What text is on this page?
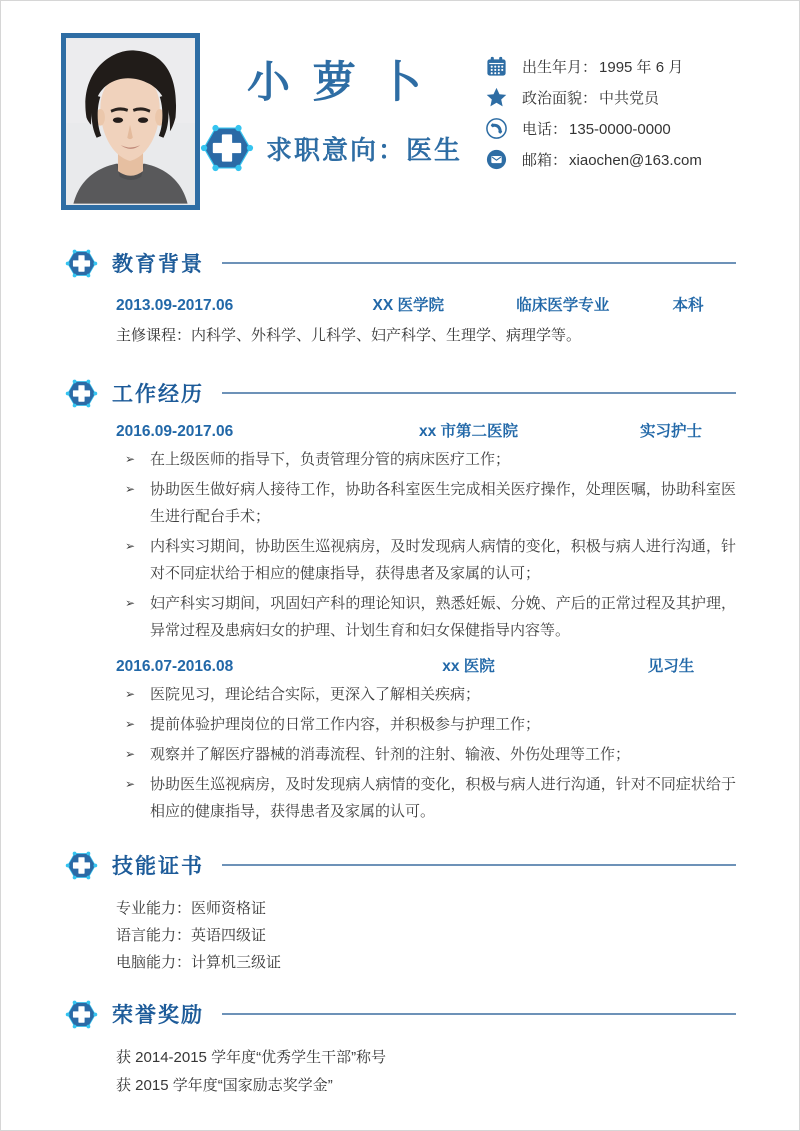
小 萝 卜
求职意向：医生
出生年月： 1995 年 6 月
政治面貌： 中共党员
电话： 135-0000-0000
邮箱： xiaochen@163.com
教育背景
2013.09-2017.06	XX 医学院	临床医学专业	本科
主修课程：内科学、外科学、儿科学、妇产科学、生理学、病理学等。
工作经历
2016.09-2017.06	xx 市第二医院	实习护士
➢ 在上级医师的指导下，负责管理分管的病床医疗工作；
➢ 协助医生做好病人接待工作，协助各科室医生完成相关医疗操作，处理医嘱，协助科室医生进行配台手术；
➢ 内科实习期间，协助医生巡视病房，及时发现病人病情的变化，积极与病人进行沟通，针对不同症状给于相应的健康指导，获得患者及家属的认可；
➢ 妇产科实习期间，巩固妇产科的理论知识，熟悉妊娠、分娩、产后的正常过程及其护理，异常过程及患病妇女的护理、计划生育和妇女保健指导内容等。
2016.07-2016.08	xx 医院	见习生
➢ 医院见习，理论结合实际，更深入了解相关疾病；
➢ 提前体验护理岗位的日常工作内容，并积极参与护理工作；
➢ 观察并了解医疗器械的消毒流程、针剂的注射、输液、外伤处理等工作；
➢ 协助医生巡视病房，及时发现病人病情的变化，积极与病人进行沟通，针对不同症状给于相应的健康指导，获得患者及家属的认可。
技能证书
专业能力：医师资格证
语言能力：英语四级证
电脑能力：计算机三级证
荣誉奖励
获 2014-2015 学年度“优秀学生干部”称号
获 2015 学年度“国家励志奖学金”
